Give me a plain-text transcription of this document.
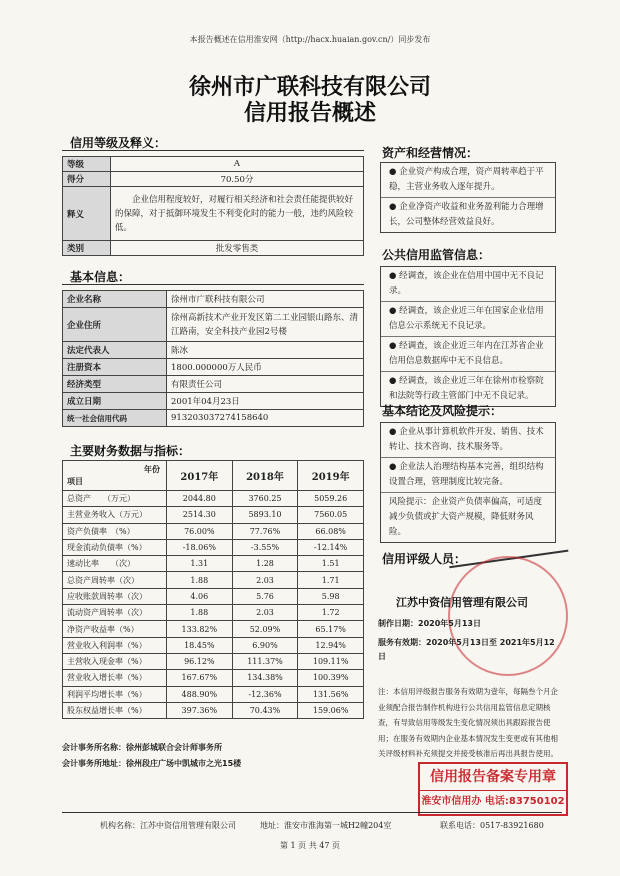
本报告概述在信用淮安网（http://hacx.huaian.gov.cn/）同步发布
徐州市广联科技有限公司
信用报告概述
信用等级及释义：
等级	A
得分	70.50分
释义	企业信用程度较好，对履行相关经济和社会责任能提供较好的保障，对于抵御环境发生不利变化时的能力一般，违约风险较低。
类别	批发零售类
基本信息：
企业名称	徐州市广联科技有限公司
企业住所	徐州高新技术产业开发区第二工业园银山路东、清江路南，安全科技产业园2号楼
法定代表人	陈冰
注册资本	1800.000000万人民币
经济类型	有限责任公司
成立日期	2001年04月23日
统一社会信用代码	913203037274158640
主要财务数据与指标：
年份
项目	2017年	2018年	2019年
总资产　　（万元）	2044.80	3760.25	5059.26
主营业务收入（万元）	2514.30	5893.10	7560.05
资产负债率　（%）	76.00%	77.76%	66.08%
现金流动负债率（%）	-18.06%	-3.55%	-12.14%
速动比率　　（次）	1.31	1.28	1.51
总资产周转率（次）	1.88	2.03	1.71
应收账款周转率（次）	4.06	5.76	5.98
流动资产周转率（次）	1.88	2.03	1.72
净资产收益率（%）	133.82%	52.09%	65.17%
营业收入利润率（%）	18.45%	6.90%	12.94%
主营收入现金率（%）	96.12%	111.37%	109.11%
营业收入增长率（%）	167.67%	134.38%	100.39%
利润平均增长率（%）	488.90%	-12.36%	131.56%
股东权益增长率（%）	397.36%	70.43%	159.06%
会计事务所名称：徐州彭城联合会计师事务所
会计事务所地址：徐州段庄广场中凯城市之光15楼
资产和经营情况：
● 企业资产构成合理，资产周转率趋于平稳，主营业务收入逐年提升。
● 企业净资产收益和业务盈利能力合理增长，公司整体经营效益良好。
公共信用监管信息：
● 经调查，该企业在信用中国中无不良记录。
● 经调查，该企业近三年在国家企业信用信息公示系统无不良记录。
● 经调查，该企业近三年内在江苏省企业信用信息数据库中无不良信息。
● 经调查，该企业近三年在徐州市检察院和法院等行政主管部门中无不良记录。
基本结论及风险提示：
● 企业从事计算机软件开发、销售、技术转让、技术咨询、技术服务等。
● 企业法人治理结构基本完善，组织结构设置合理，管理制度比较完备。
风险提示：企业资产负债率偏高，可适度减少负债或扩大资产规模，降低财务风险。
信用评级人员：
江苏中资信用管理有限公司
制作日期：2020年5月13日
服务有效期：2020年5月13日至 2021年5月12日
注：本信用评级报告服务有效期为壹年，每隔叁个月企业须配合报告制作机构进行公共信用监管信息定期核查，有导致信用等级发生变化情况须出具跟踪报告使用；在服务有效期内企业基本情况发生变更或有其他相关评级材料补充须提交并接受核准后再出具报告使用。
信用报告备案专用章
淮安市信用办 电话:83750102
机构名称：江苏中资信用管理有限公司	地址：淮安市淮海第一城H2幢204室	联系电话：0517-83921680
第 1 页 共 47 页
